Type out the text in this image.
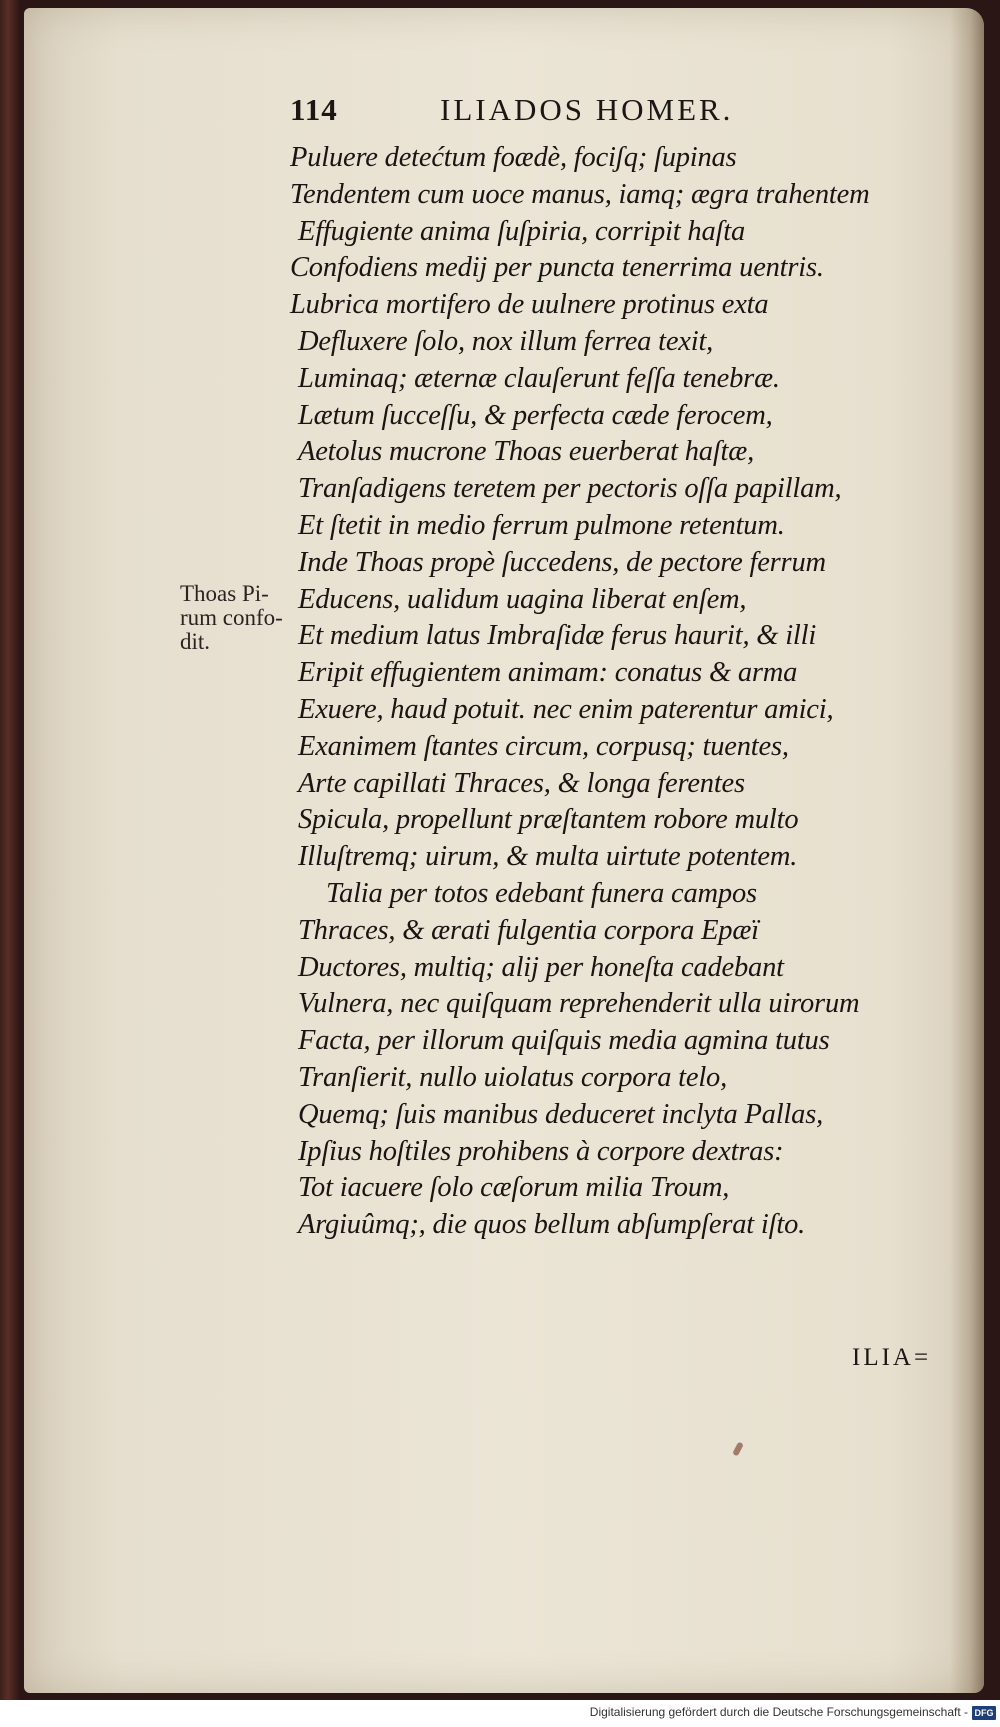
114	ILIADOS HOMER.
Puluere detećtum foædè, fociʃq; ſupinas
Tendentem cum uoce manus, iamq; ægra trahentem
Effugiente anima ſuſpiria, corripit haſta
Confodiens medij per puncta tenerrima uentris.
Lubrica mortifero de uulnere protinus exta
Defluxere ſolo, nox illum ferrea texit,
Luminaq; æternæ clauſerunt feſſa tenebræ.
Lætum ſucceſſu, & perfecta cæde ferocem,
Aetolus mucrone Thoas euerberat haſtæ,
Tranſadigens teretem per pectoris oſſa papillam,
Et ſtetit in medio ferrum pulmone retentum.
Inde Thoas propè ſuccedens, de pectore ferrum
Educens, ualidum uagina liberat enſem,
Et medium latus Imbraſidæ ferus haurit, & illi
Eripit effugientem animam: conatus & arma
Exuere, haud potuit. nec enim paterentur amici,
Exanimem ſtantes circum, corpusq; tuentes,
Arte capillati Thraces, & longa ferentes
Spicula, propellunt præſtantem robore multo
Illuſtremq; uirum, & multa uirtute potentem.
Talia per totos edebant funera campos
Thraces, & ærati fulgentia corpora Epæï
Ductores, multiq; alij per honeſta cadebant
Vulnera, nec quiſquam reprehenderit ulla uirorum
Facta, per illorum quiſquis media agmina tutus
Tranſierit, nullo uiolatus corpora telo,
Quemq; ſuis manibus deduceret inclyta Pallas,
Ipſius hoſtiles prohibens à corpore dextras:
Tot iacuere ſolo cæſorum milia Troum,
Argiuûmq;, die quos bellum abſumpſerat iſto.
Thoas Pi-
rum confo-
dit.
ILIA=
Digitalisierung gefördert durch die Deutsche Forschungsgemeinschaft - DFG
